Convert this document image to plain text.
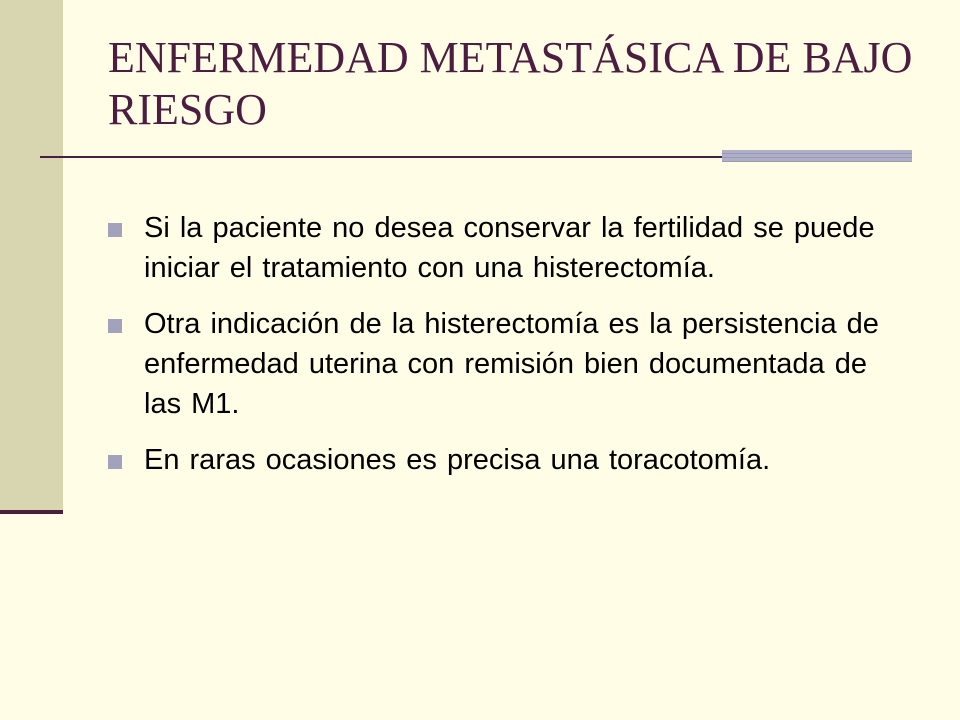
ENFERMEDAD METASTÁSICA DE BAJO RIESGO
Si la paciente no desea conservar la fertilidad se puede iniciar el tratamiento con una histerectomía.
Otra indicación de la histerectomía es la persistencia de enfermedad uterina con remisión bien documentada de las M1.
En raras ocasiones es precisa una toracotomía.
